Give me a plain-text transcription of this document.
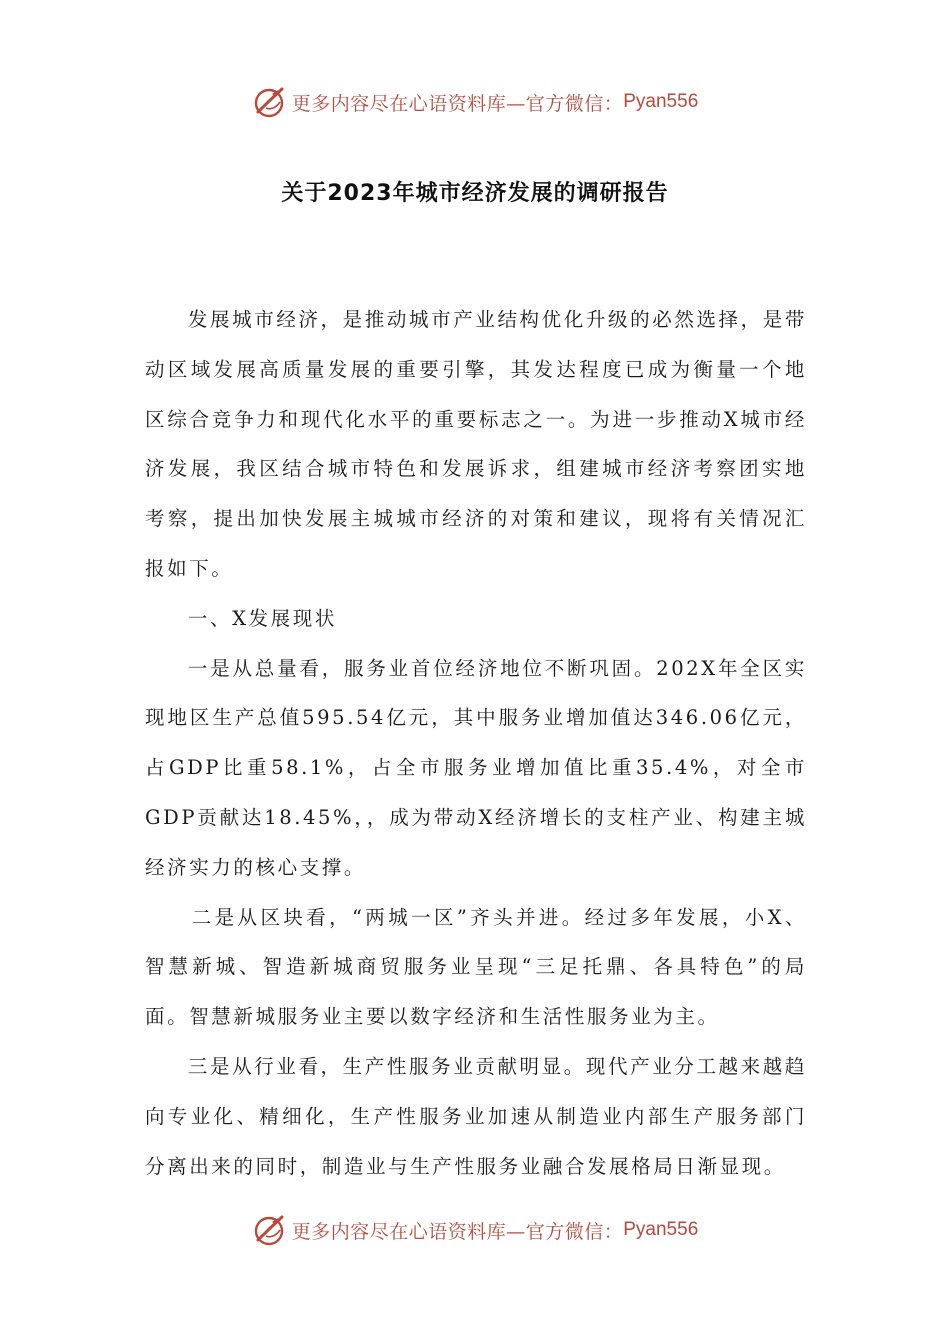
更多内容尽在心语资料库—官方微信： Pyan556
关于2023年城市经济发展的调研报告

发展城市经济，是推动城市产业结构优化升级的必然选择，是带动区域发展高质量发展的重要引擎，其发达程度已成为衡量一个地区综合竞争力和现代化水平的重要标志之一。为进一步推动X城市经济发展，我区结合城市特色和发展诉求，组建城市经济考察团实地考察，提出加快发展主城城市经济的对策和建议，现将有关情况汇报如下。

一、X发展现状

一是从总量看，服务业首位经济地位不断巩固。202X年全区实现地区生产总值595.54亿元，其中服务业增加值达346.06亿元，占GDP比重58.1%，占全市服务业增加值比重35.4%，对全市GDP贡献达18.45%，，成为带动X经济增长的支柱产业、构建主城经济实力的核心支撑。

二是从区块看，“两城一区”齐头并进。经过多年发展，小X、智慧新城、智造新城商贸服务业呈现“三足托鼎、各具特色”的局面。智慧新城服务业主要以数字经济和生活性服务业为主。

三是从行业看，生产性服务业贡献明显。现代产业分工越来越趋向专业化、精细化，生产性服务业加速从制造业内部生产服务部门分离出来的同时，制造业与生产性服务业融合发展格局日渐显现。

更多内容尽在心语资料库—官方微信： Pyan556
